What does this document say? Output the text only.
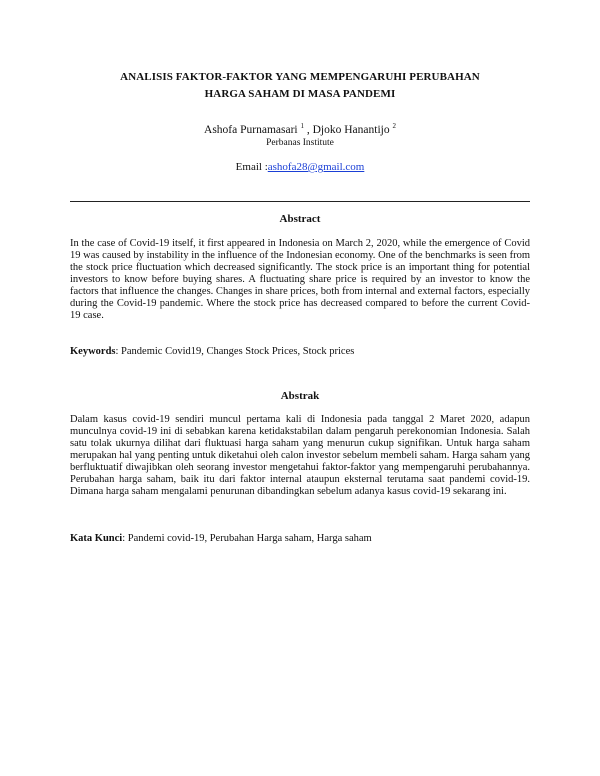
ANALISIS FAKTOR-FAKTOR YANG MEMPENGARUHI PERUBAHAN
HARGA SAHAM DI MASA PANDEMI
Ashofa Purnamasari $^1$ , Djoko Hanantijo $^2$
Perbanas Institute
Email :ashofa28@gmail.com
Abstract

In the case of Covid-19 itself, it first appeared in Indonesia on March 2, 2020, while the emergence of Covid 19 was caused by instability in the influence of the Indonesian economy. One of the benchmarks is seen from the stock price fluctuation which decreased significantly. The stock price is an important thing for potential investors to know before buying shares. A fluctuating share price is required by an investor to know the factors that influence the changes. Changes in share prices, both from internal and external factors, especially during the Covid-19 pandemic. Where the stock price has decreased compared to before the current Covid-19 case.

Keywords: Pandemic Covid19, Changes Stock Prices, Stock prices

Abstrak

Dalam kasus covid-19 sendiri muncul pertama kali di Indonesia pada tanggal 2 Maret 2020, adapun munculnya covid-19 ini di sebabkan karena ketidakstabilan dalam pengaruh perekonomian Indonesia. Salah satu tolak ukurnya dilihat dari fluktuasi harga saham yang menurun cukup signifikan. Untuk harga saham merupakan hal yang penting untuk diketahui oleh calon investor sebelum membeli saham. Harga saham yang berfluktuatif diwajibkan oleh seorang investor mengetahui faktor-faktor yang mempengaruhi perubahannya. Perubahan harga saham, baik itu dari faktor internal ataupun eksternal terutama saat pandemi covid-19. Dimana harga saham mengalami penurunan dibandingkan sebelum adanya kasus covid-19 sekarang ini.

Kata Kunci: Pandemi covid-19, Perubahan Harga saham, Harga saham
